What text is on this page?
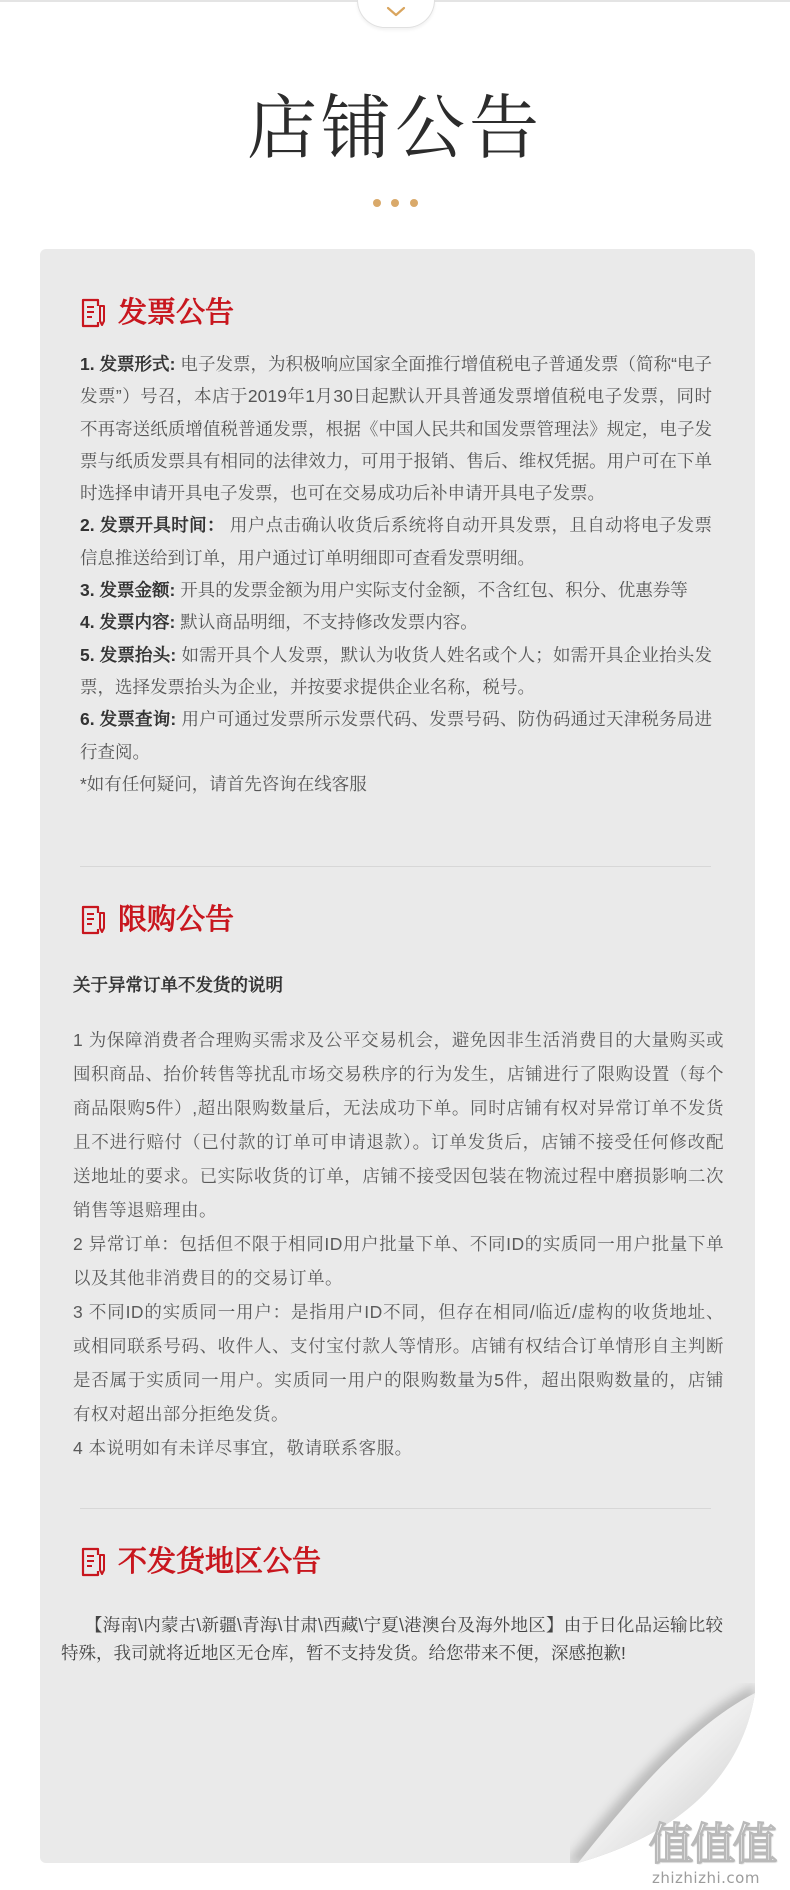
店铺公告
发票公告

1. 发票形式: 电子发票，为积极响应国家全面推行增值税电子普通发票（简称“电子发票”）号召，本店于2019年1月30日起默认开具普通发票增值税电子发票，同时不再寄送纸质增值税普通发票，根据《中国人民共和国发票管理法》规定，电子发票与纸质发票具有相同的法律效力，可用于报销、售后、维权凭据。用户可在下单时选择申请开具电子发票，也可在交易成功后补申请开具电子发票。

2. 发票开具时间： 用户点击确认收货后系统将自动开具发票，且自动将电子发票信息推送给到订单，用户通过订单明细即可查看发票明细。

3. 发票金额: 开具的发票金额为用户实际支付金额，不含红包、积分、优惠券等

4. 发票内容: 默认商品明细，不支持修改发票内容。

5. 发票抬头: 如需开具个人发票，默认为收货人姓名或个人；如需开具企业抬头发票，选择发票抬头为企业，并按要求提供企业名称，税号。

6. 发票查询: 用户可通过发票所示发票代码、发票号码、防伪码通过天津税务局进行查阅。

*如有任何疑问，请首先咨询在线客服

限购公告
关于异常订单不发货的说明

1 为保障消费者合理购买需求及公平交易机会，避免因非生活消费目的大量购买或囤积商品、抬价转售等扰乱市场交易秩序的行为发生，店铺进行了限购设置（每个商品限购5件）,超出限购数量后，无法成功下单。同时店铺有权对异常订单不发货且不进行赔付（已付款的订单可申请退款）。订单发货后，店铺不接受任何修改配送地址的要求。已实际收货的订单，店铺不接受因包装在物流过程中磨损影响二次销售等退赔理由。

2 异常订单：包括但不限于相同ID用户批量下单、不同ID的实质同一用户批量下单以及其他非消费目的的交易订单。

3 不同ID的实质同一用户：是指用户ID不同，但存在相同/临近/虚构的收货地址、或相同联系号码、收件人、支付宝付款人等情形。店铺有权结合订单情形自主判断是否属于实质同一用户。实质同一用户的限购数量为5件，超出限购数量的，店铺有权对超出部分拒绝发货。

4 本说明如有未详尽事宜，敬请联系客服。

不发货地区公告
【海南\内蒙古\新疆\青海\甘肃\西藏\宁夏\港澳台及海外地区】由于日化品运输比较特殊，我司就将近地区无仓库，暂不支持发货。给您带来不便，深感抱歉!
值值值
zhizhizhi.com
